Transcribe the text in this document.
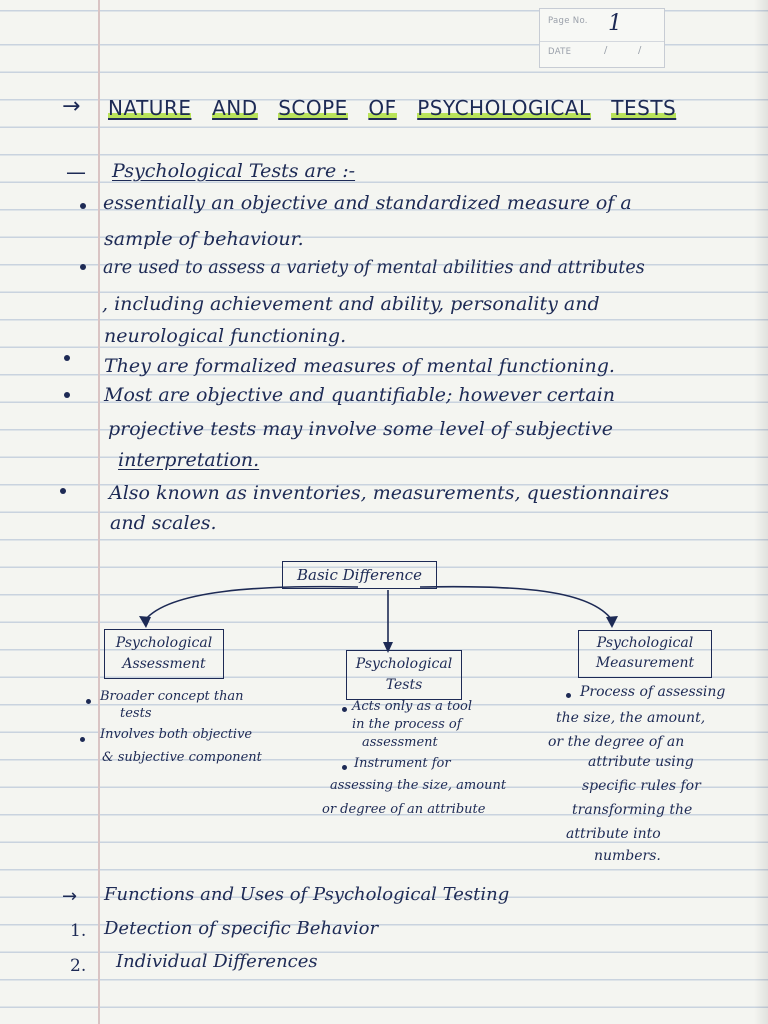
Page No. 1
DATE	/	/
→ NATURE AND SCOPE OF PSYCHOLOGICAL TESTS
— Psychological Tests are :-
essentially an objective and standardized measure of a
sample of behaviour.
are used to assess a variety of mental abilities and attributes
, including achievement and ability, personality and
neurological functioning.
They are formalized measures of mental functioning.
Most are objective and quantifiable; however certain
projective tests may involve some level of subjective
interpretation.
Also known as inventories, measurements, questionnaires
and scales.
Basic Difference
Psychological
Assessment	Psychological
Tests
Psychological
Measurement
Broader concept than
tests
Involves both objective
& subjective component
Acts only as a tool
in the process of
assessment
Instrument for
assessing the size, amount
or degree of an attribute
Process of assessing
the size, the amount,
or the degree of an
attribute using
specific rules for
transforming the
attribute into
numbers.
→ Functions and Uses of Psychological Testing
1. Detection of specific Behavior
2. Individual Differences
